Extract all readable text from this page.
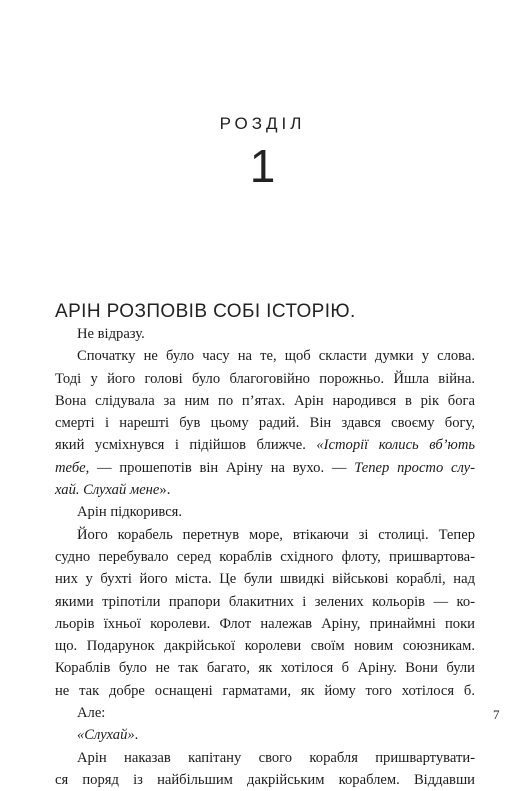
РОЗДІЛ
1
АРІН РОЗПОВІВ СОБІ ІСТОРІЮ.
Не відразу.
Спочатку не було часу на те, щоб скласти думки у слова.
Тоді у його голові було благоговійно порожньо. Йшла війна.
Вона слідувала за ним по п’ятах. Арін народився в рік бога
смерті і нарешті був цьому радий. Він здався своєму богу,
який усміхнувся і підійшов ближче. «Історії колись вб’ють
тебе, — прошепотів він Аріну на вухо. — Тепер просто слу-
хай. Слухай мене».
Арін підкорився.
Його корабель перетнув море, втікаючи зі столиці. Тепер
судно перебувало серед кораблів східного флоту, пришвартова-
них у бухті його міста. Це були швидкі військові кораблі, над
якими тріпотіли прапори блакитних і зелених кольорів — ко-
льорів їхньої королеви. Флот належав Аріну, принаймні поки
що. Подарунок дакрійської королеви своїм новим союзникам.
Кораблів було не так багато, як хотілося б Аріну. Вони були
не так добре оснащені гарматами, як йому того хотілося б.
Але:
«Слухай».
Арін наказав капітану свого корабля пришвартувати-
ся поряд із найбільшим дакрійським кораблем. Віддавши
7
